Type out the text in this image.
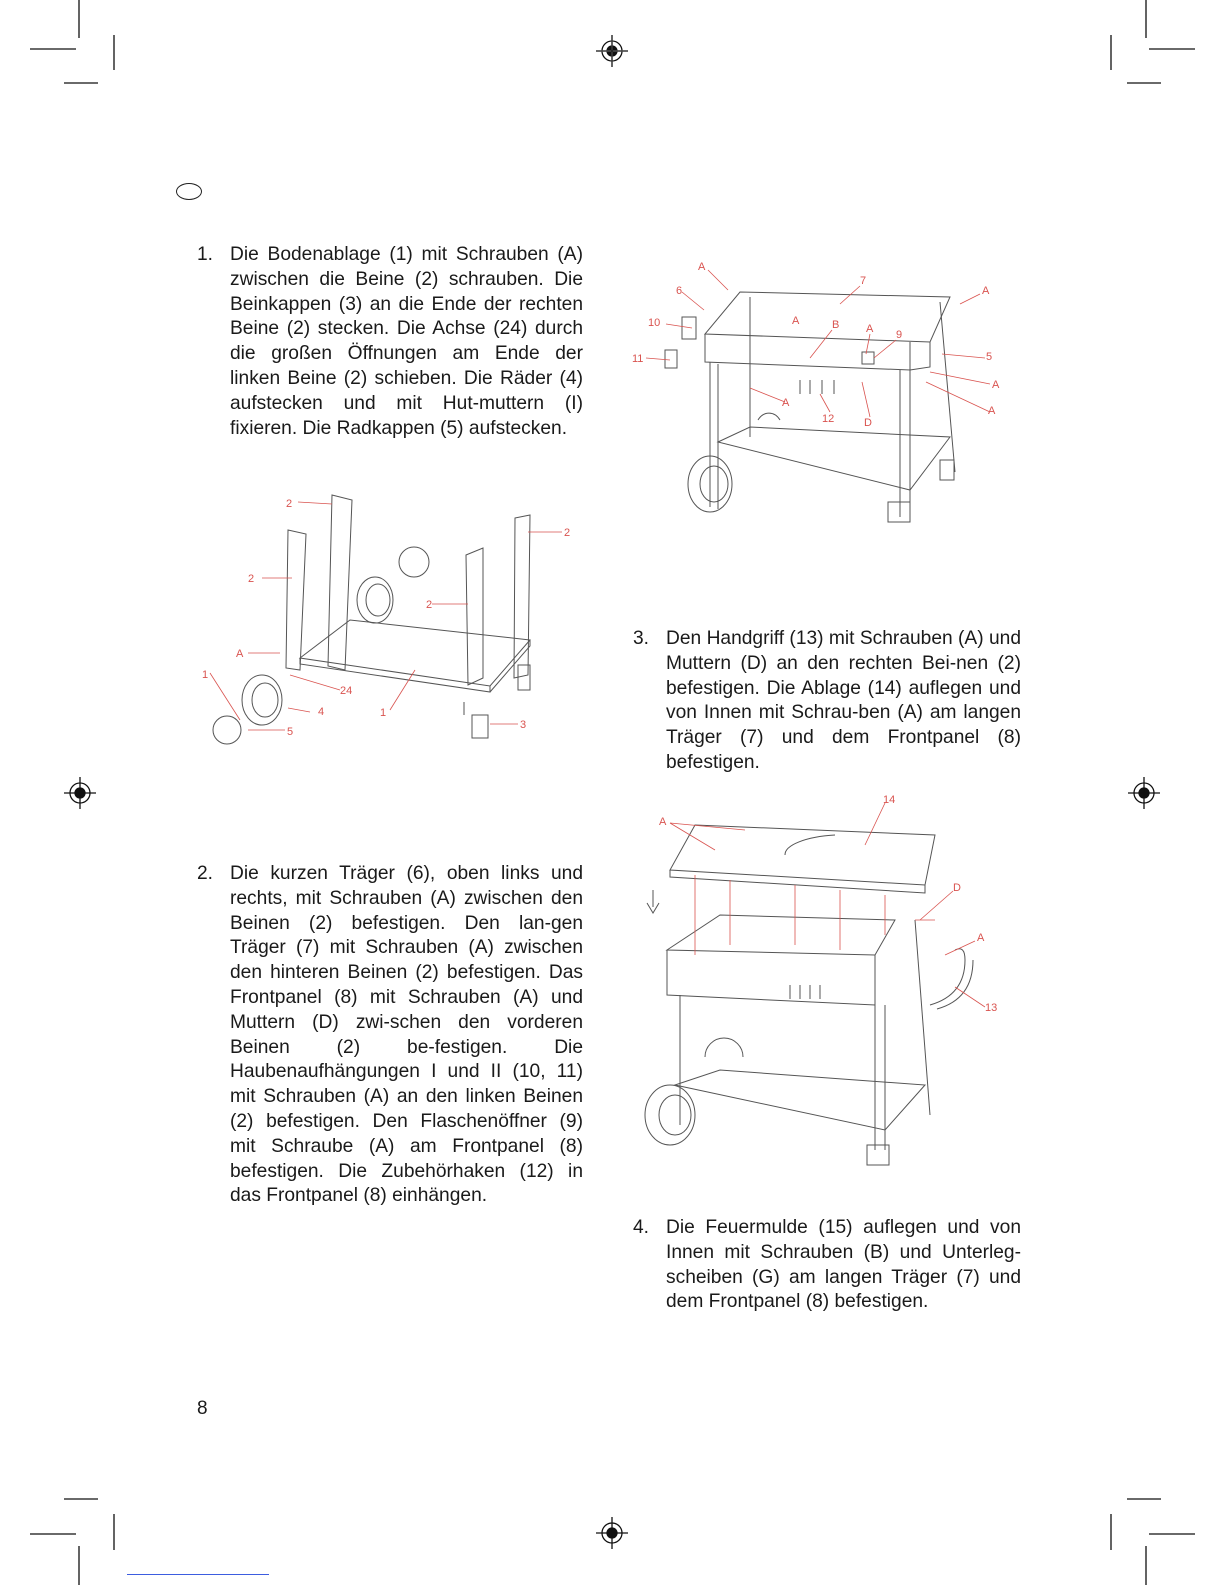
1. Die Bodenablage (1) mit Schrauben (A) zwischen die Beine (2) schrauben. Die Beinkappen (3) an die Ende der rechten Beine (2) stecken. Die Achse (24) durch die großen Öffnungen am Ende der linken Beine (2) schieben. Die Räder (4) aufstecken und mit Hut-muttern (I) fixieren. Die Radkappen (5) aufstecken.
2. Die kurzen Träger (6), oben links und rechts, mit Schrauben (A) zwischen den Beinen (2) befestigen. Den lan-gen Träger (7) mit Schrauben (A) zwischen den hinteren Beinen (2) befestigen. Das Frontpanel (8) mit Schrauben (A) und Muttern (D) zwi-schen den vorderen Beinen (2) be-festigen. Die Haubenaufhängungen I und II (10, 11) mit Schrauben (A) an den linken Beinen (2) befestigen. Den Flaschenöffner (9) mit Schraube (A) am Frontpanel (8) befestigen. Die Zubehörhaken (12) in das Frontpanel (8) einhängen.
3. Den Handgriff (13) mit Schrauben (A) und Muttern (D) an den rechten Bei-nen (2) befestigen. Die Ablage (14) auflegen und von Innen mit Schrau-ben (A) am langen Träger (7) und dem Frontpanel (8) befestigen.
4. Die Feuermulde (15) auflegen und von Innen mit Schrauben (B) und Unterleg-scheiben (G) am langen Träger (7) und dem Frontpanel (8) befestigen.
2
2
2
2
A
1
24
4	1
5
3
A
6
10
11
7
B A 9
A
A
5
A
A
12	D
A
14
A
D
A
13
8
